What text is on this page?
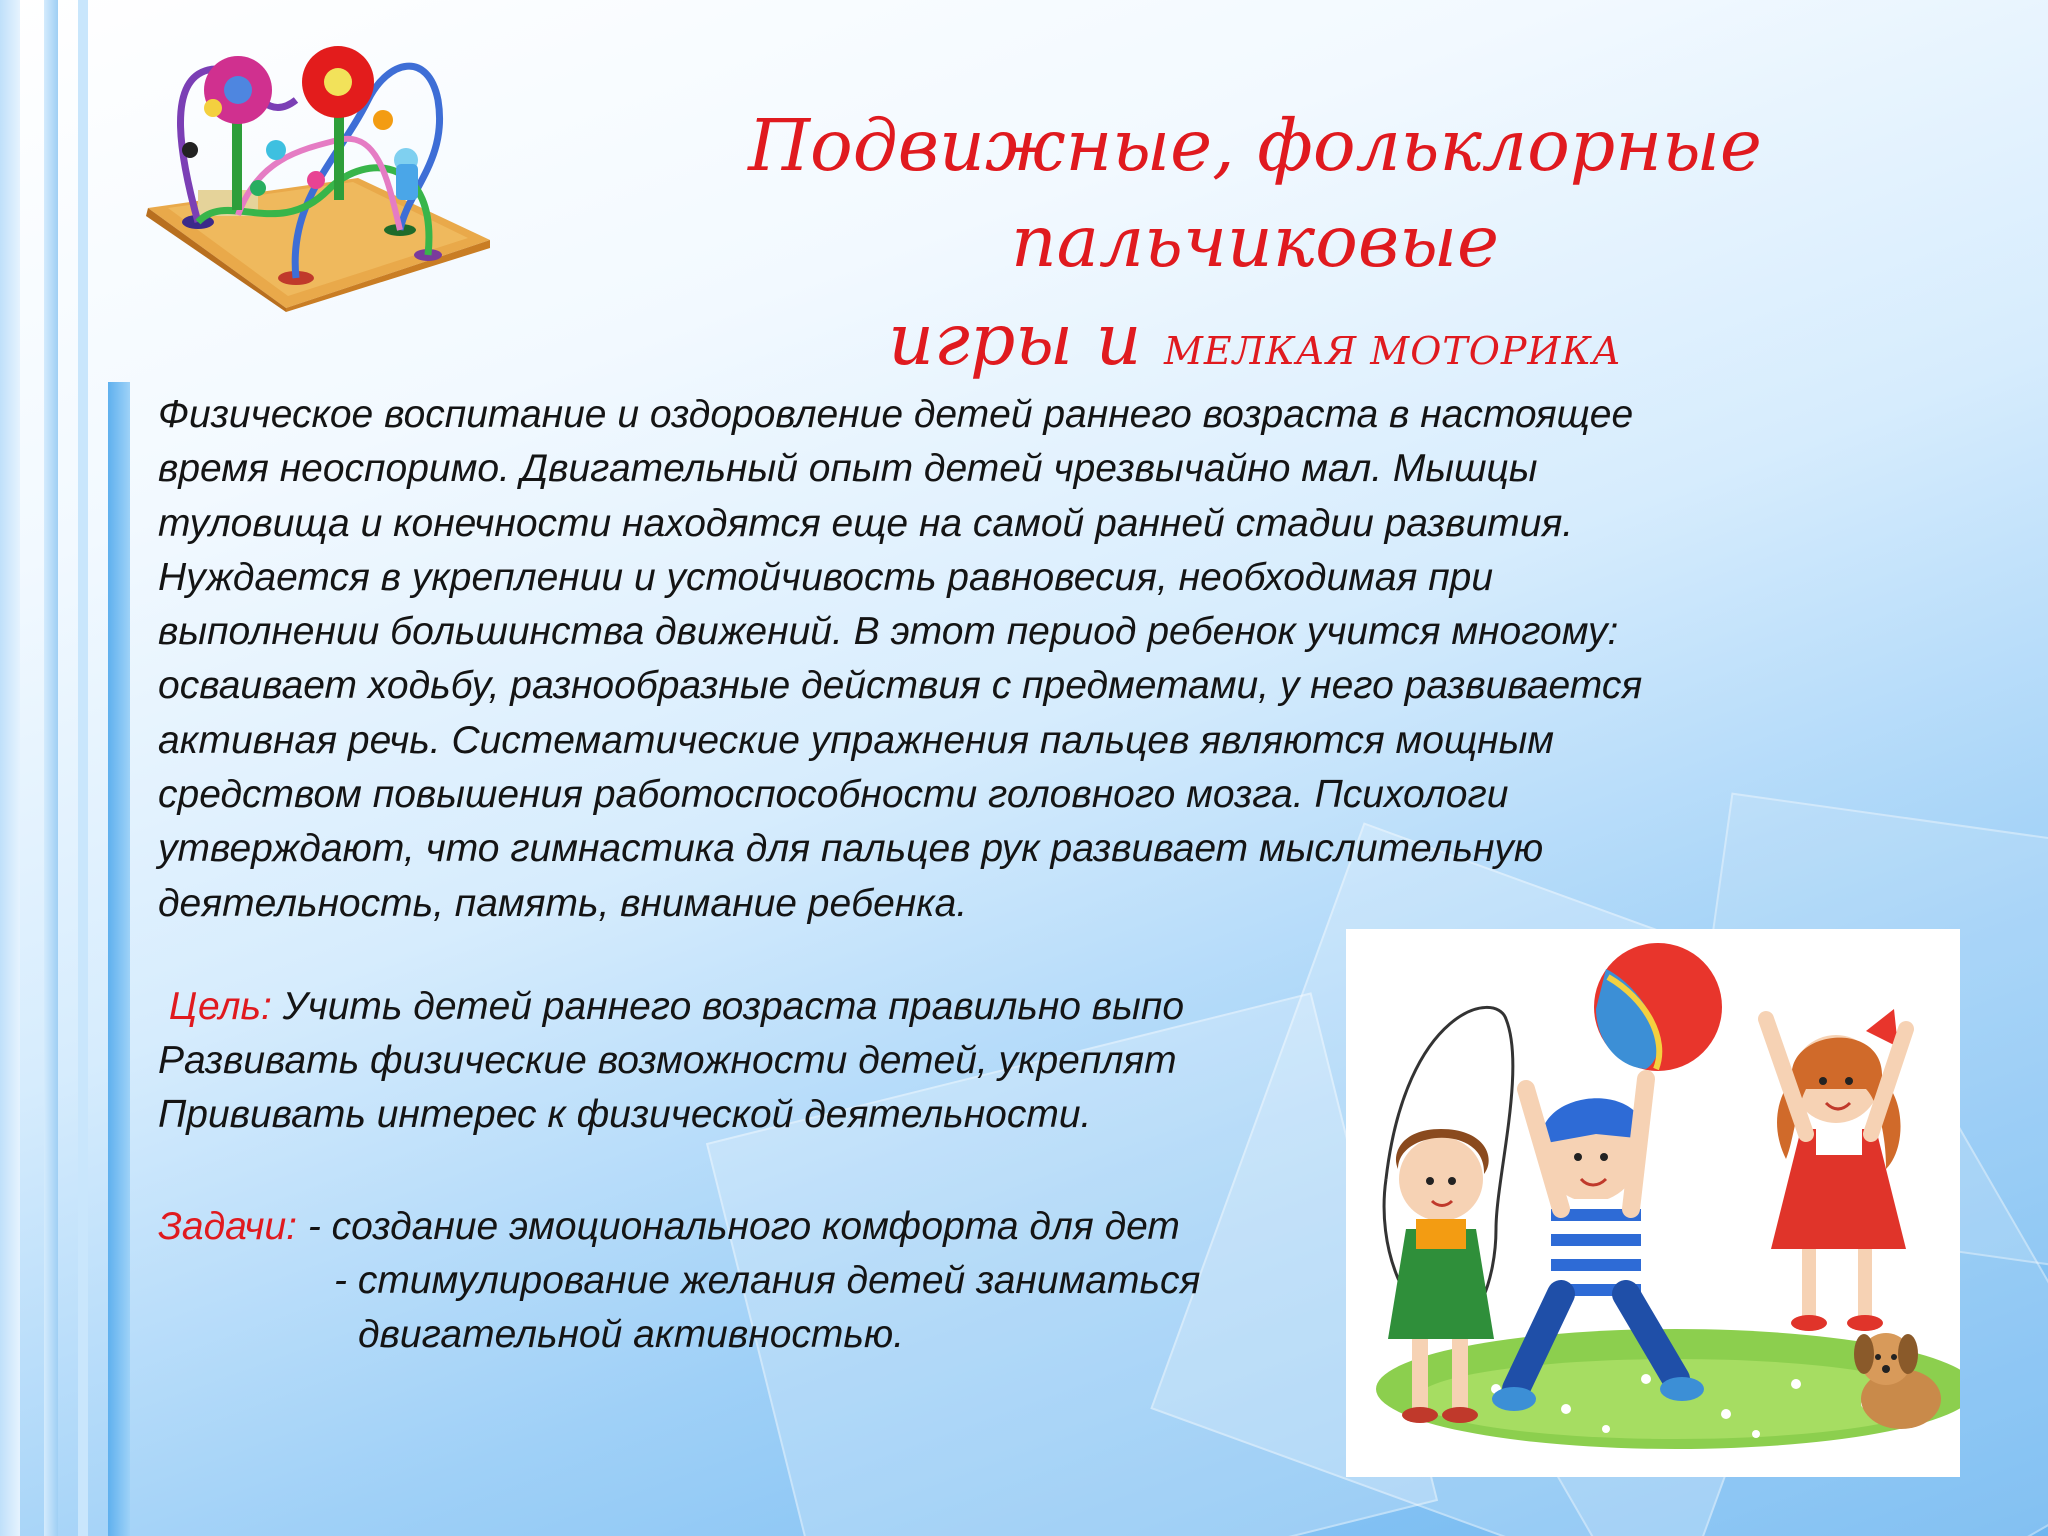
Подвижные, фольклорные пальчиковые
игры и МЕЛКАЯ МОТОРИКА
Физическое воспитание и оздоровление детей раннего возраста в настоящее
время неоспоримо. Двигательный опыт детей чрезвычайно мал. Мышцы
туловища и конечности находятся еще на самой ранней стадии развития.
Нуждается в укреплении и устойчивость равновесия, необходимая при
выполнении большинства движений. В этот период ребенок учится многому:
осваивает ходьбу, разнообразные действия с предметами, у него развивается
активная речь. Систематические упражнения пальцев являются мощным
средством повышения работоспособности головного мозга. Психологи
утверждают, что гимнастика для пальцев рук развивает мыслительную
деятельность, память, внимание ребенка.
Цель: Учить детей раннего возраста правильно выпо
Развивать физические возможности детей, укреплят
Прививать интерес к физической деятельности.
Задачи: - создание эмоционального комфорта для дет
- стимулирование желания детей заниматься
двигательной активностью.
